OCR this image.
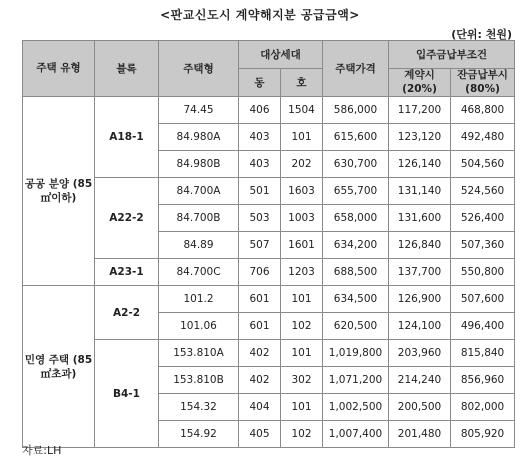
<판교신도시 계약해지분 공급금액>
(단위: 천원)
주택 유형	블록	주택형	대상세대		주택가격	입주금납부조건	
			동	호		계약시 (20%)	잔금납부시 (80%)
공공 분양 (85㎡이하)	A18-1	74.45	406	1504	586,000	117,200	468,800
		84.980A	403	101	615,600	123,120	492,480
		84.980B	403	202	630,700	126,140	504,560
	A22-2	84.700A	501	1603	655,700	131,140	524,560
		84.700B	503	1003	658,000	131,600	526,400
		84.89	507	1601	634,200	126,840	507,360
	A23-1	84.700C	706	1203	688,500	137,700	550,800
민영 주택 (85㎡초과)	A2-2	101.2	601	101	634,500	126,900	507,600
		101.06	601	102	620,500	124,100	496,400
	B4-1	153.810A	402	101	1,019,800	203,960	815,840
		153.810B	402	302	1,071,200	214,240	856,960
		154.32	404	101	1,002,500	200,500	802,000
		154.92	405	102	1,007,400	201,480	805,920
자료:LH
